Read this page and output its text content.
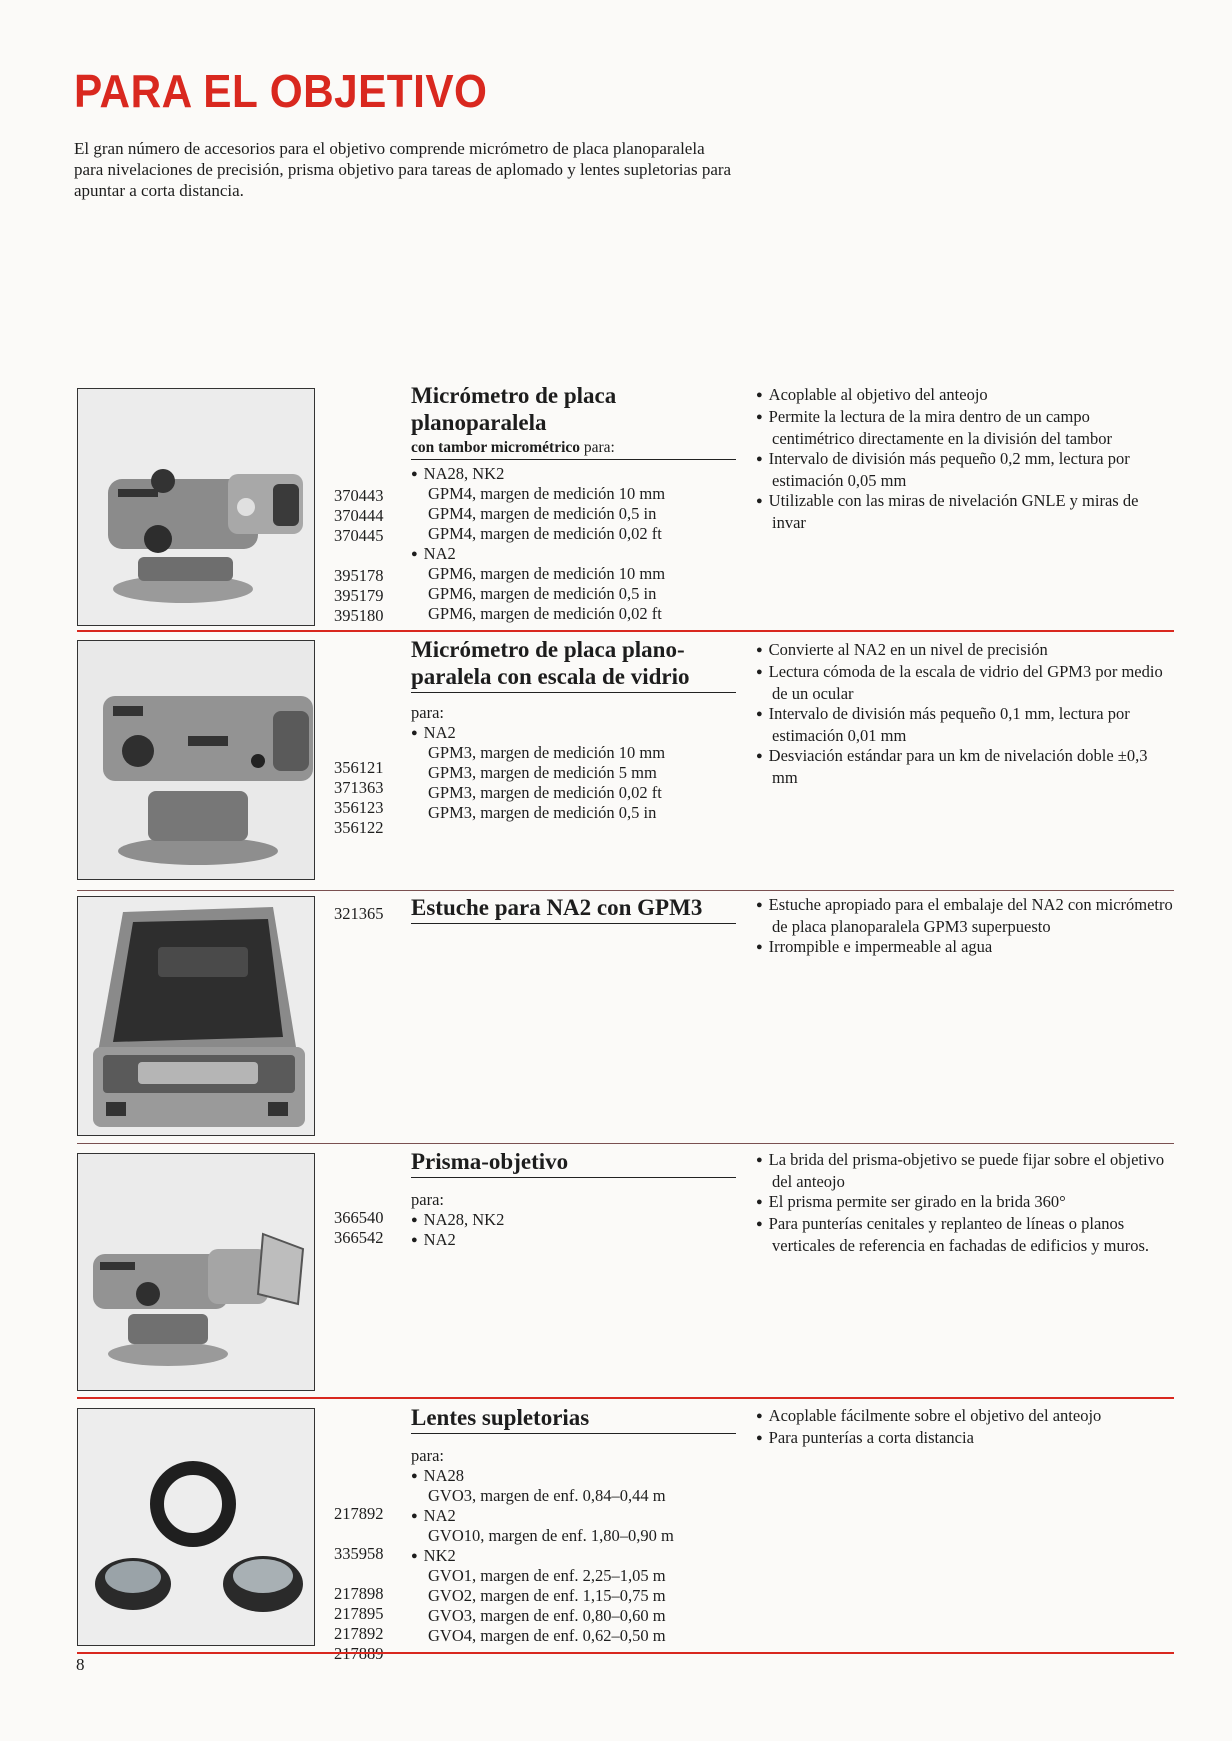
PARA EL OBJETIVO

El gran número de accesorios para el objetivo comprende micrómetro de placa planoparalela para nivelaciones de precisión, prisma objetivo para tareas de aplomado y lentes supletorias para apuntar a corta distancia.

370443
370444
370445
395178
395179
395180
Micrómetro de placa
planoparalela
con tambor micrométrico para:
● NA28, NK2
GPM4, margen de medición 10 mm
GPM4, margen de medición 0,5 in
GPM4, margen de medición 0,02 ft
● NA2
GPM6, margen de medición 10 mm
GPM6, margen de medición 0,5 in
GPM6, margen de medición 0,02 ft
● Acoplable al objetivo del anteojo
● Permite la lectura de la mira dentro de un campo centimétrico directamente en la división del tambor
● Intervalo de división más pequeño 0,2 mm, lectura por estimación 0,05 mm
● Utilizable con las miras de nivelación GNLE y miras de invar
356121
371363
356123
356122
Micrómetro de placa plano-
paralela con escala de vidrio
para:
● NA2
GPM3, margen de medición 10 mm
GPM3, margen de medición 5 mm
GPM3, margen de medición 0,02 ft
GPM3, margen de medición 0,5 in
● Convierte al NA2 en un nivel de precisión
● Lectura cómoda de la escala de vidrio del GPM3 por medio de un ocular
● Intervalo de división más pequeño 0,1 mm, lectura por estimación 0,01 mm
● Desviación estándar para un km de nivelación doble ±0,3 mm
321365	Estuche para NA2 con GPM3
●	Estuche apropiado para el embalaje del NA2 con micrómetro de placa planoparalela GPM3 superpuesto
● Irrompible e impermeable al agua
366540
366542
Prisma-objetivo
para:
● NA28, NK2
● NA2
● La brida del prisma-objetivo se puede fijar sobre el objetivo del anteojo
● El prisma permite ser girado en la brida 360°
● Para punterías cenitales y replanteo de líneas o planos verticales de referencia en fachadas de edificios y muros.
217892
335958
217898
217895
217892
Lentes supletorias
para:
● NA28
GVO3, margen de enf. 0,84–0,44 m
● NA2
GVO10, margen de enf. 1,80–0,90 m
● NK2
GVO1, margen de enf. 2,25–1,05 m
GVO2, margen de enf. 1,15–0,75 m
GVO3, margen de enf. 0,80–0,60 m
GVO4, margen de enf. 0,62–0,50 m
● Acoplable fácilmente sobre el objetivo del anteojo
● Para punterías a corta distancia
8
